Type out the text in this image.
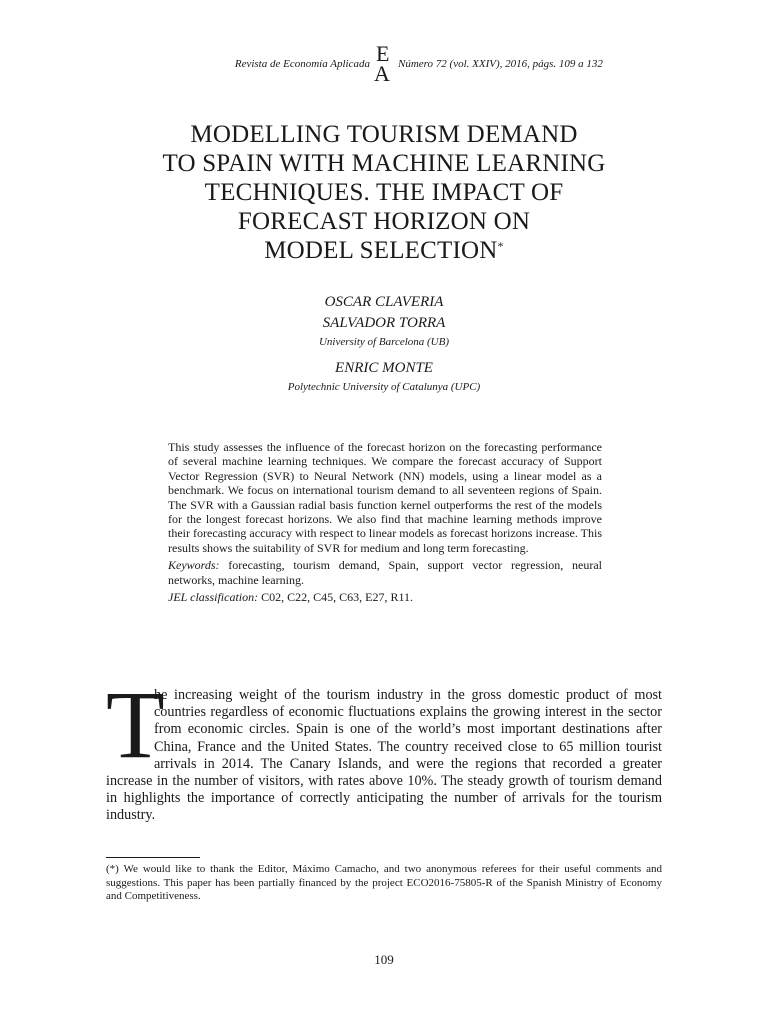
Revista de Economía Aplicada E
A Número 72 (vol. XXIV), 2016, págs. 109 a 132
MODELLING TOURISM DEMAND
TO SPAIN WITH MACHINE LEARNING
TECHNIQUES. THE IMPACT OF
FORECAST HORIZON ON
MODEL SELECTION*
OSCAR CLAVERIA
SALVADOR TORRA
University of Barcelona (UB)
ENRIC MONTE
Polytechnic University of Catalunya (UPC)

This study assesses the influence of the forecast horizon on the forecasting performance of several machine learning techniques. We compare the forecast accuracy of Support Vector Regression (SVR) to Neural Network (NN) models, using a linear model as a benchmark. We focus on international tourism demand to all seventeen regions of Spain. The SVR with a Gaussian radial basis function kernel outperforms the rest of the models for the longest forecast horizons. We also find that machine learning methods improve their forecasting accuracy with respect to linear models as forecast horizons increase. This results shows the suitability of SVR for medium and long term forecasting.

Keywords: forecasting, tourism demand, Spain, support vector regression, neural networks, machine learning.

JEL classification: C02, C22, C45, C63, E27, R11.

T
he increasing weight of the tourism industry in the gross domestic product of most countries regardless of economic fluctuations explains the growing interest in the sector from economic circles. Spain is one of the world’s most important destinations after China, France and the United States. The country received close to 65 million tourist arrivals in 2014. The Canary Islands, and were the regions that recorded a greater increase in the number of visitors, with rates above 10%. The steady growth of tourism demand in highlights the importance of correctly anticipating the number of arrivals for the tourism industry.
(*) We would like to thank the Editor, Máximo Camacho, and two anonymous referees for their useful comments and suggestions. This paper has been partially financed by the project ECO2016-75805-R of the Spanish Ministry of Economy and Competitiveness.
109
